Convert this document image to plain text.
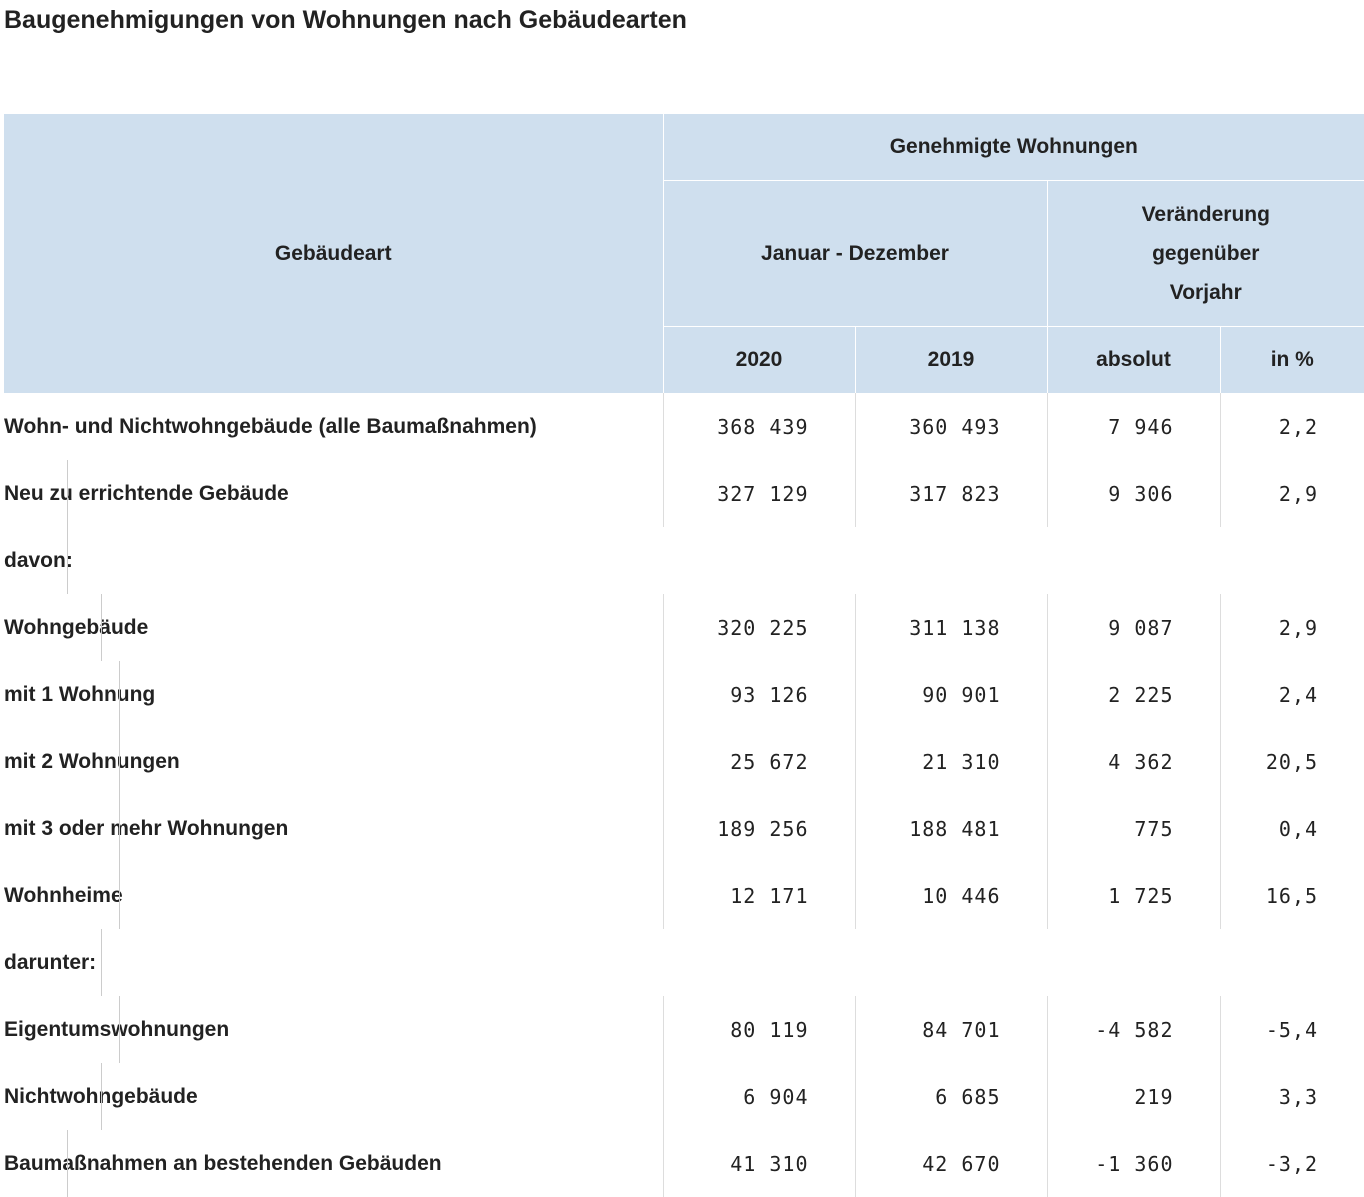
Baugenehmigungen von Wohnungen nach Gebäudearten
Gebäudeart	Genehmigte Wohnungen			
	Januar - Dezember		Veränderung
gegenüber
Vorjahr	

	2020	2019	absolut	in %
Wohn- und Nichtwohngebäude (alle Baumaßnahmen)	368 439	360 493	7 946	2,2

Neu zu errichtende Gebäude	327 129	317 823	9 306	2,9

davon:				

Wohngebäude	320 225	311 138	9 087	2,9

mit 1 Wohnung	93 126	90 901	2 225	2,4

mit 2 Wohnungen	25 672	21 310	4 362	20,5

mit 3 oder mehr Wohnungen	189 256	188 481	775	0,4

Wohnheime	12 171	10 446	1 725	16,5

darunter:				

Eigentumswohnungen	80 119	84 701	-4 582	-5,4

Nichtwohngebäude	6 904	6 685	219	3,3

Baumaßnahmen an bestehenden Gebäuden	41 310	42 670	-1 360	-3,2
